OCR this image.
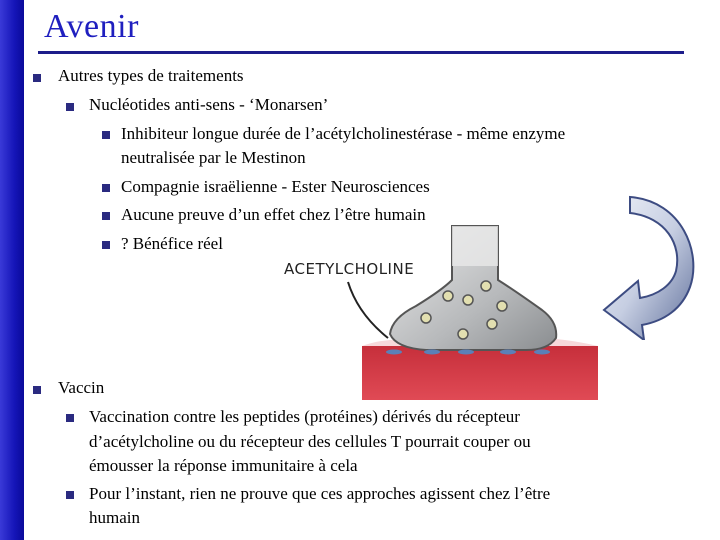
Avenir
Autres types de traitements
Nucléotides anti-sens - ‘Monarsen’
Inhibiteur longue durée de l’acétylcholinestérase - même enzyme
neutralisée par le Mestinon
Compagnie israëlienne - Ester Neurosciences
Aucune preuve d’un effet chez l’être humain
? Bénéfice réel
Vaccin
Vaccination contre les peptides (protéines) dérivés du récepteur
d’acétylcholine ou du récepteur des cellules T pourrait couper ou
émousser la réponse immunitaire à cela
Pour l’instant, rien ne prouve que ces approches agissent chez l’être
humain
ACETYLCHOLINE
